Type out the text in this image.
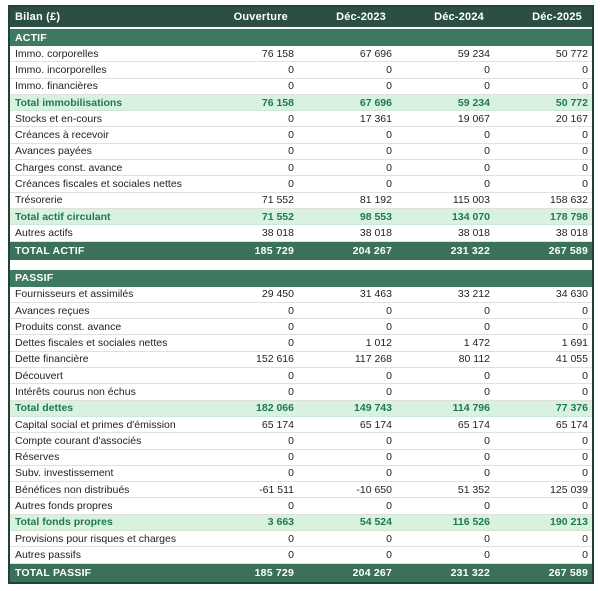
Bilan (£)	Ouverture	Déc-2023	Déc-2024	Déc-2025
ACTIF
Immo. corporelles	76 158	67 696	59 234	50 772
Immo. incorporelles	0	0	0	0
Immo. financières	0	0	0	0
Total immobilisations	76 158	67 696	59 234	50 772
Stocks et en-cours	0	17 361	19 067	20 167
Créances à recevoir	0	0	0	0
Avances payées	0	0	0	0
Charges const. avance	0	0	0	0
Créances fiscales et sociales nettes	0	0	0	0
Trésorerie	71 552	81 192	115 003	158 632
Total actif circulant	71 552	98 553	134 070	178 798
Autres actifs	38 018	38 018	38 018	38 018
TOTAL ACTIF	185 729	204 267	231 322	267 589
PASSIF
Fournisseurs et assimilés	29 450	31 463	33 212	34 630
Avances reçues	0	0	0	0
Produits const. avance	0	0	0	0
Dettes fiscales et sociales nettes	0	1 012	1 472	1 691
Dette financière	152 616	117 268	80 112	41 055
Découvert	0	0	0	0
Intérêts courus non échus	0	0	0	0
Total dettes	182 066	149 743	114 796	77 376
Capital social et primes d'émission	65 174	65 174	65 174	65 174
Compte courant d'associés	0	0	0	0
Réserves	0	0	0	0
Subv. investissement	0	0	0	0
Bénéfices non distribués	-61 511	-10 650	51 352	125 039
Autres fonds propres	0	0	0	0
Total fonds propres	3 663	54 524	116 526	190 213
Provisions pour risques et charges	0	0	0	0
Autres passifs	0	0	0	0
TOTAL PASSIF	185 729	204 267	231 322	267 589
